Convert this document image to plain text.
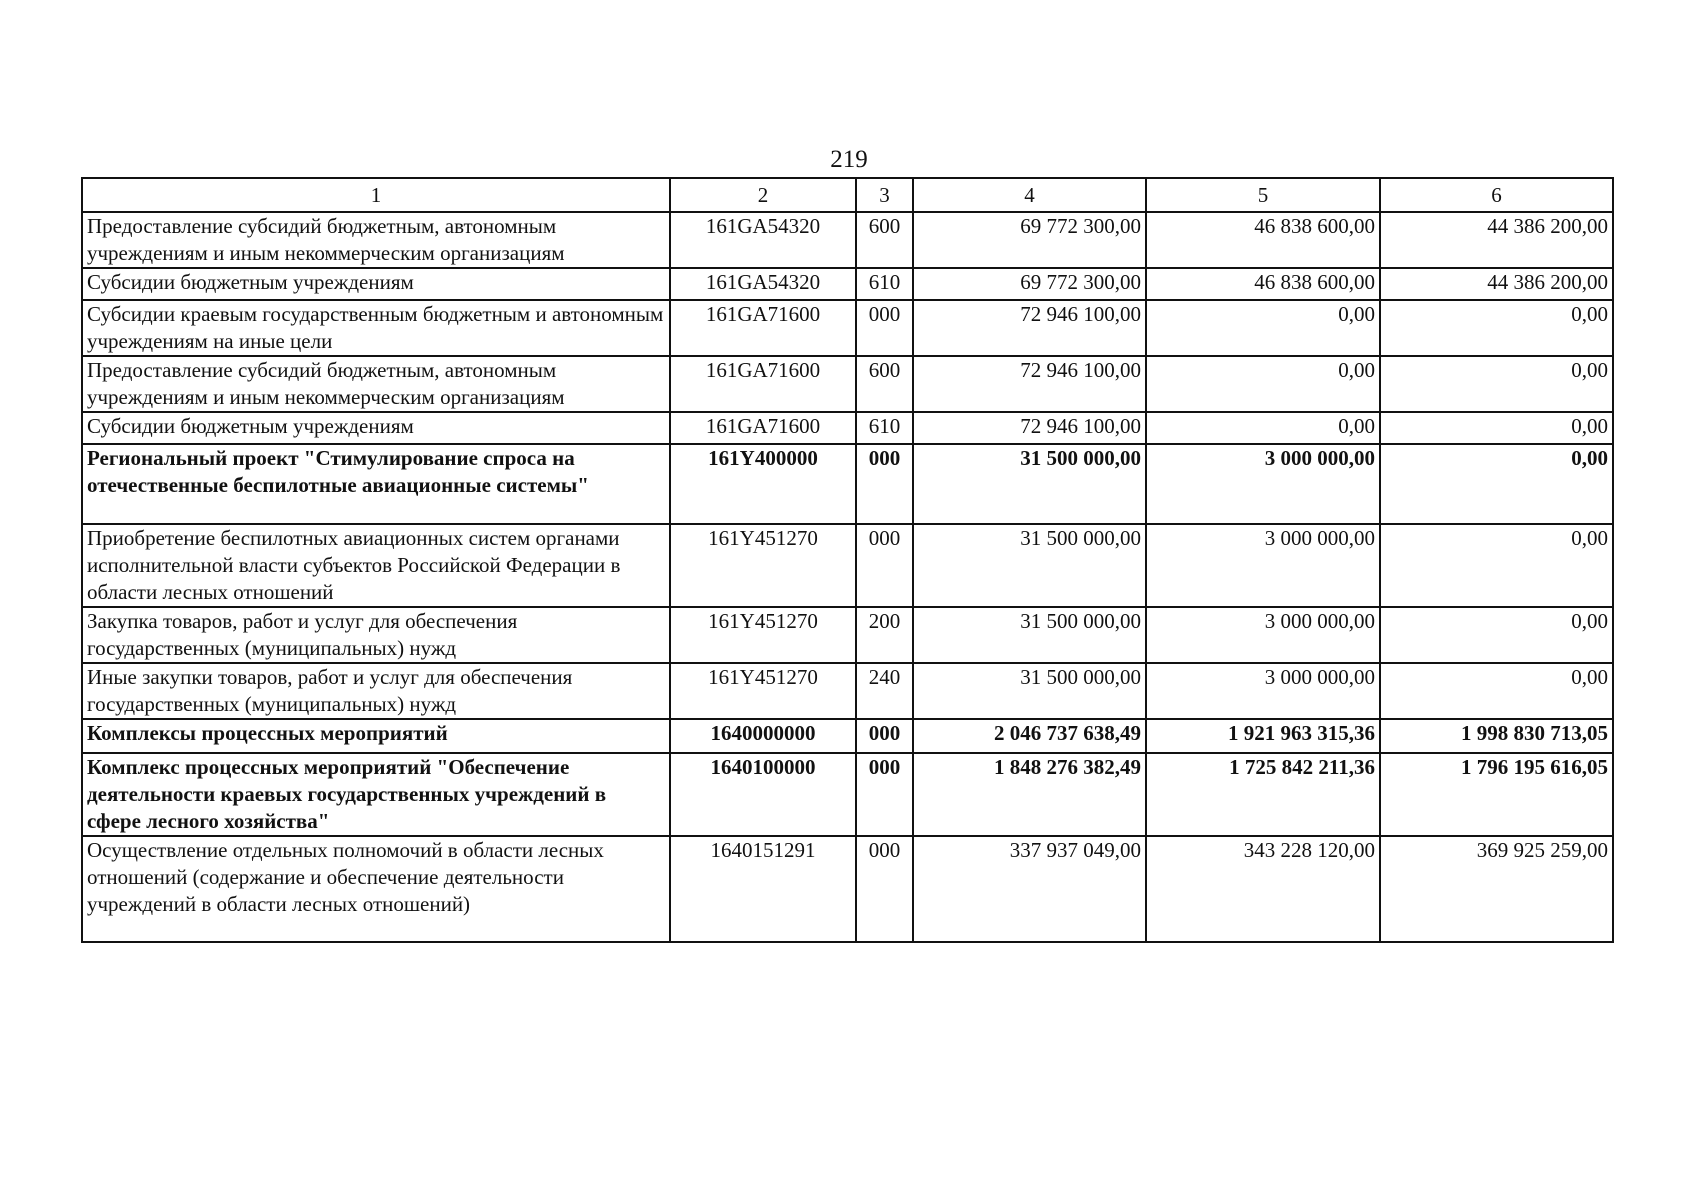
219
1	2	3	4	5	6
Предоставление субсидий бюджетным, автономным учреждениям и иным некоммерческим организациям	161GA54320	600	69 772 300,00	46 838 600,00	44 386 200,00
Субсидии бюджетным учреждениям	161GA54320	610	69 772 300,00	46 838 600,00	44 386 200,00
Субсидии краевым государственным бюджетным и автономным учреждениям на иные цели	161GA71600	000	72 946 100,00	0,00	0,00
Предоставление субсидий бюджетным, автономным учреждениям и иным некоммерческим организациям	161GA71600	600	72 946 100,00	0,00	0,00
Субсидии бюджетным учреждениям	161GA71600	610	72 946 100,00	0,00	0,00
Региональный проект "Стимулирование спроса на отечественные беспилотные авиационные системы"	161Y400000	000	31 500 000,00	3 000 000,00	0,00
Приобретение беспилотных авиационных систем органами исполнительной власти субъектов Российской Федерации в области лесных отношений	161Y451270	000	31 500 000,00	3 000 000,00	0,00
Закупка товаров, работ и услуг для обеспечения государственных (муниципальных) нужд	161Y451270	200	31 500 000,00	3 000 000,00	0,00
Иные закупки товаров, работ и услуг для обеспечения государственных (муниципальных) нужд	161Y451270	240	31 500 000,00	3 000 000,00	0,00
Комплексы процессных мероприятий	1640000000	000	2 046 737 638,49	1 921 963 315,36	1 998 830 713,05
Комплекс процессных мероприятий "Обеспечение деятельности краевых государственных учреждений в сфере лесного хозяйства"	1640100000	000	1 848 276 382,49	1 725 842 211,36	1 796 195 616,05
Осуществление отдельных полномочий в области лесных отношений (содержание и обеспечение деятельности учреждений в области лесных отношений)	1640151291	000	337 937 049,00	343 228 120,00	369 925 259,00
